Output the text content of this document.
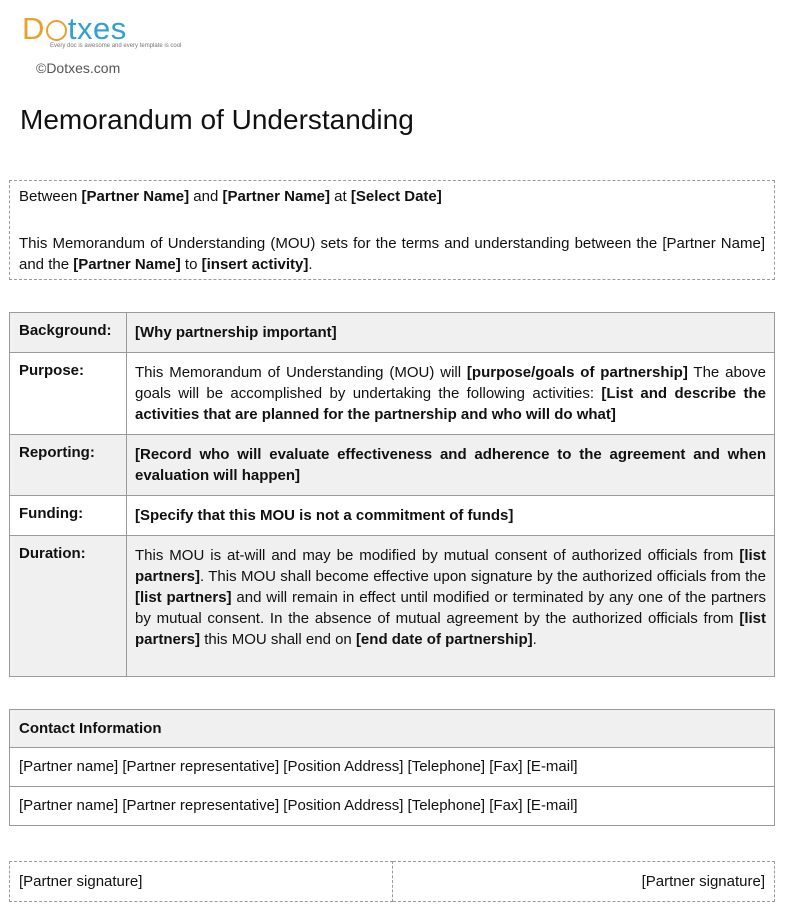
D txes
Every doc is awesome and every template is cool
©Dotxes.com
Memorandum of Understanding

Between [Partner Name] and [Partner Name] at [Select Date]

This Memorandum of Understanding (MOU) sets for the terms and understanding between the [Partner Name] and the [Partner Name] to [insert activity].

Background:	[Why partnership important]
Purpose:	This Memorandum of Understanding (MOU) will [purpose/goals of partnership] The above goals will be accomplished by undertaking the following activities: [List and describe the activities that are planned for the partnership and who will do what]
Reporting:	[Record who will evaluate effectiveness and adherence to the agreement and when evaluation will happen]
Funding:	[Specify that this MOU is not a commitment of funds]
Duration:	This MOU is at-will and may be modified by mutual consent of authorized officials from [list partners]. This MOU shall become effective upon signature by the authorized officials from the [list partners] and will remain in effect until modified or terminated by any one of the partners by mutual consent. In the absence of mutual agreement by the authorized officials from [list partners] this MOU shall end on [end date of partnership].
Contact Information
[Partner name] [Partner representative] [Position Address] [Telephone] [Fax] [E-mail]
[Partner name] [Partner representative] [Position Address] [Telephone] [Fax] [E-mail]
[Partner signature]	[Partner signature]
